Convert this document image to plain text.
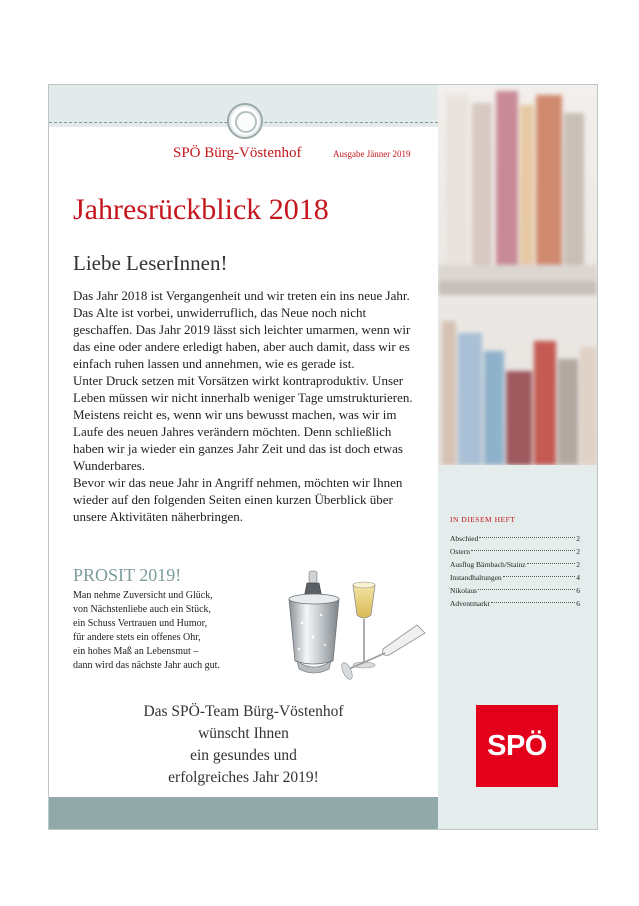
SPÖ Bürg-Vöstenhof	Ausgabe Jänner 2019
Jahresrückblick 2018
Liebe LeserInnen!

Das Jahr 2018 ist Vergangenheit und wir treten ein ins neue Jahr. Das Alte ist vorbei, unwiderruflich, das Neue noch nicht geschaffen. Das Jahr 2019 lässt sich leichter umarmen, wenn wir das eine oder andere erledigt haben, aber auch damit, dass wir es einfach ruhen lassen und annehmen, wie es gerade ist.

Unter Druck setzen mit Vorsätzen wirkt kontraproduktiv. Unser Leben müssen wir nicht innerhalb weniger Tage umstrukturieren. Meistens reicht es, wenn wir uns bewusst machen, was wir im Laufe des neuen Jahres verändern möchten. Denn schließlich haben wir ja wieder ein ganzes Jahr Zeit und das ist doch etwas Wunderbares.

Bevor wir das neue Jahr in Angriff nehmen, möchten wir Ihnen wieder auf den folgenden Seiten einen kurzen Überblick über unsere Aktivitäten näherbringen.

PROSIT 2019!
Man nehme Zuversicht und Glück,
von Nächstenliebe auch ein Stück,
ein Schuss Vertrauen und Humor,
für andere stets ein offenes Ohr,
ein hohes Maß an Lebensmut –
dann wird das nächste Jahr auch gut.
Das SPÖ-Team Bürg-Vöstenhof
wünscht Ihnen
ein gesundes und
erfolgreiches Jahr 2019!
IN DIESEM HEFT
Abschied	2
Ostern	2
Ausflug Bärnbach/Stainz	2
Instandhaltungen	4
Nikolaus	6
Adventmarkt	6
SPÖ
